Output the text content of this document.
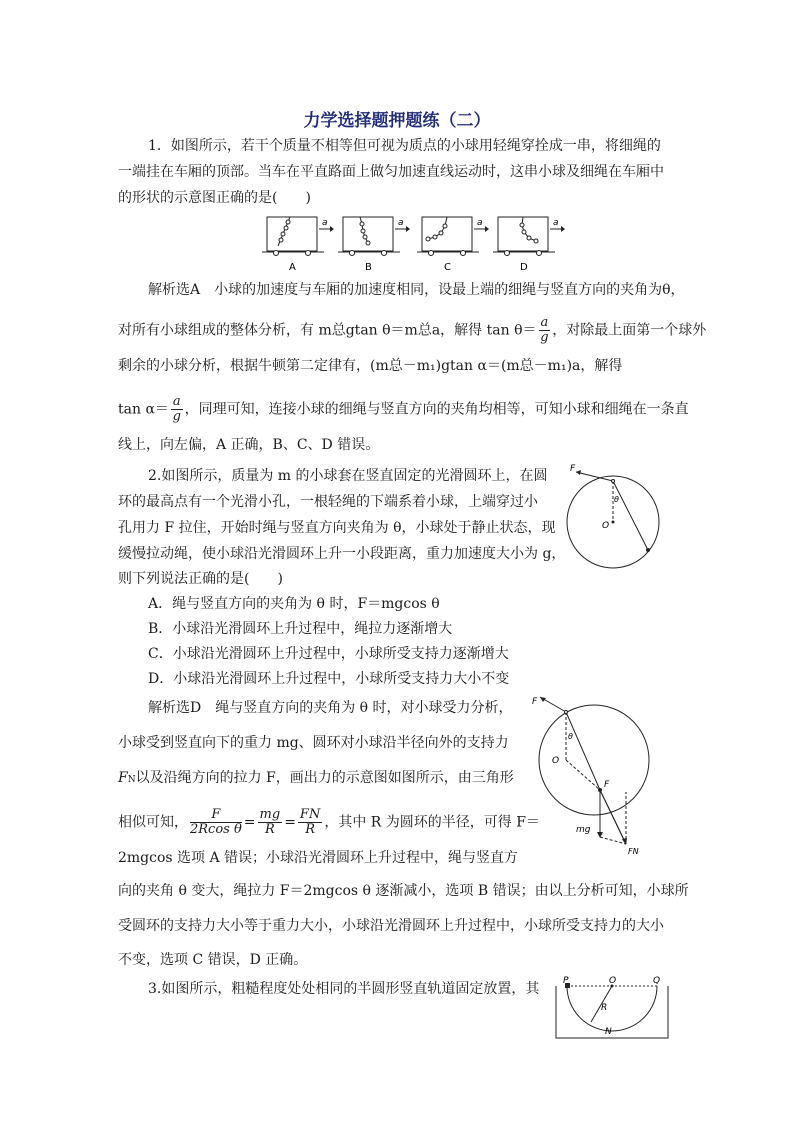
力学选择题押题练（二）
1．如图所示，若干个质量不相等但可视为质点的小球用轻绳穿拴成一串，将细绳的
一端挂在车厢的顶部。当车在平直路面上做匀加速直线运动时，这串小球及细绳在车厢中
的形状的示意图正确的是(　　)
a	a	a	a
A	B	C	D
解析选A　小球的加速度与车厢的加速度相同，设最上端的细绳与竖直方向的夹角为θ，
对所有小球组成的整体分析，有 m总gtan θ＝m总a，解得 $\tan \theta= \frac{a}{g}$ ，对除最上面第一个球外
剩余的小球分析，根据牛顿第二定律有，(m总－m₁)gtan α＝(m总－m₁)a，解得
$\tan \alpha= \frac{a}{g}$ ，同理可知，连接小球的细绳与竖直方向的夹角均相等，可知小球和细绳在一条直
线上，向左偏，A 正确，B、C、D 错误。
2.如图所示，质量为 m 的小球套在竖直固定的光滑圆环上，在圆
环的最高点有一个光滑小孔，一根轻绳的下端系着小球，上端穿过小
孔用力 F 拉住，开始时绳与竖直方向夹角为 θ，小球处于静止状态，现
缓慢拉动绳，使小球沿光滑圆环上升一小段距离，重力加速度大小为 g，
则下列说法正确的是(　　)
A．绳与竖直方向的夹角为 θ 时，F＝mgcos θ
B．小球沿光滑圆环上升过程中，绳拉力逐渐增大
C．小球沿光滑圆环上升过程中，小球所受支持力逐渐增大
D．小球沿光滑圆环上升过程中，小球所受支持力大小不变
F
θ
O
解析选D　绳与竖直方向的夹角为 θ 时，对小球受力分析，
小球受到竖直向下的重力 mg、圆环对小球沿半径向外的支持力
FN以及沿绳方向的拉力 F，画出力的示意图如图所示，由三角形
相似可知， $\frac{F}{\text{2Rcos θ}} = \frac{mg}{R} = \frac{FN}{R}$ ，其中 R 为圆环的半径，可得 F＝
2mgcos 选项 A 错误；小球沿光滑圆环上升过程中，绳与竖直方
向的夹角 θ 变大，绳拉力 F＝2mgcos θ 逐渐减小，选项 B 错误；由以上分析可知，小球所
受圆环的支持力大小等于重力大小，小球沿光滑圆环上升过程中，小球所受支持力的大小
不变，选项 C 错误，D 正确。
F
θ
O
F
mg
FN
3.如图所示，粗糙程度处处相同的半圆形竖直轨道固定放置，其	P	O	Q
R
N
